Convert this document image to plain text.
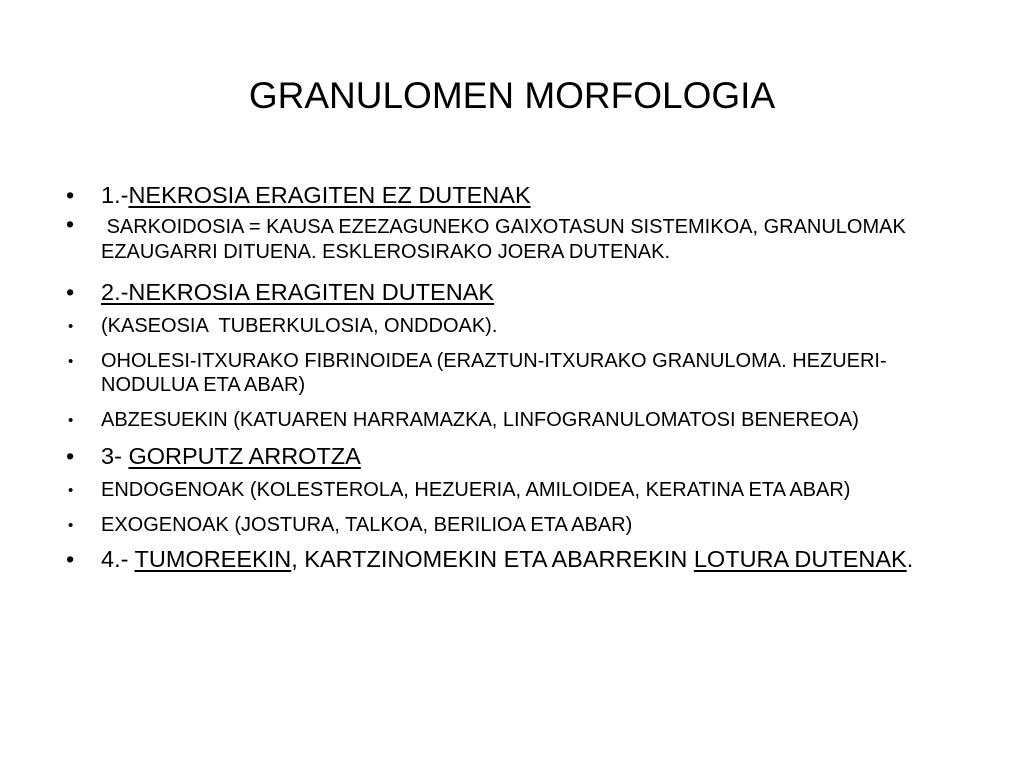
GRANULOMEN MORFOLOGIA
• 1.-NEKROSIA ERAGITEN EZ DUTENAK
• SARKOIDOSIA = KAUSA EZEZAGUNEKO GAIXOTASUN SISTEMIKOA, GRANULOMAK EZAUGARRI DITUENA. ESKLEROSIRAKO JOERA DUTENAK.
• 2.-NEKROSIA ERAGITEN DUTENAK
• (KASEOSIA  TUBERKULOSIA, ONDDOAK).
• OHOLESI-ITXURAKO FIBRINOIDEA (ERAZTUN-ITXURAKO GRANULOMA. HEZUERI-NODULUA ETA ABAR)
• ABZESUEKIN (KATUAREN HARRAMAZKA, LINFOGRANULOMATOSI BENEREOA)
• 3- GORPUTZ ARROTZA
• ENDOGENOAK (KOLESTEROLA, HEZUERIA, AMILOIDEA, KERATINA ETA ABAR)
• EXOGENOAK (JOSTURA, TALKOA, BERILIOA ETA ABAR)
• 4.- TUMOREEKIN, KARTZINOMEKIN ETA ABARREKIN LOTURA DUTENAK.
